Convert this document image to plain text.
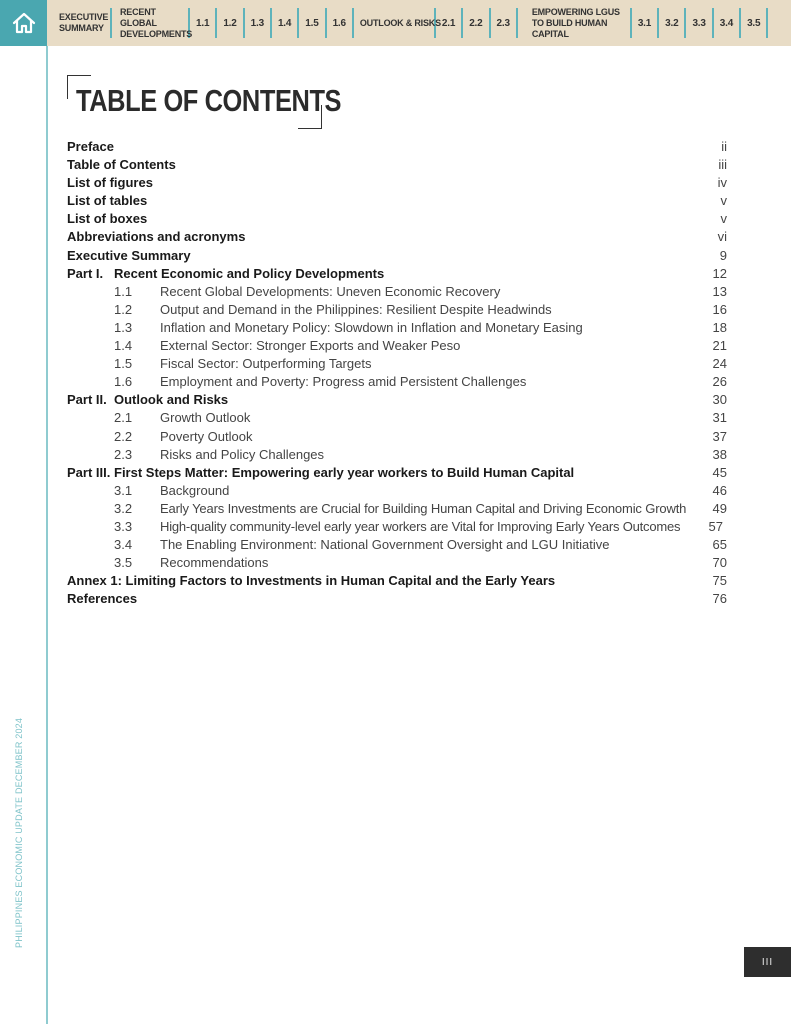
EXECUTIVE SUMMARY
RECENT GLOBAL DEVELOPMENTS
1.1	1.2	1.3	1.4	1.5	1.6	OUTLOOK & RISKS 2.1	2.2	2.3
EMPOWERING LGUS TO BUILD HUMAN CAPITAL
3.1	3.2	3.3	3.4	3.5
PHILIPPINES ECONOMIC UPDATE DECEMBER 2024
TABLE OF CONTENTS
Preface	ii
Table of Contents	iii
List of figures	iv
List of tables	v
List of boxes	v
Abbreviations and acronyms	vi
Executive Summary	9
Part I. Recent Economic and Policy Developments	12
1.1 Recent Global Developments: Uneven Economic Recovery	13
1.2 Output and Demand in the Philippines: Resilient Despite Headwinds	16
1.3 Inflation and Monetary Policy: Slowdown in Inflation and Monetary Easing	18
1.4 External Sector: Stronger Exports and Weaker Peso	21
1.5 Fiscal Sector: Outperforming Targets	24
1.6 Employment and Poverty: Progress amid Persistent Challenges	26
Part II. Outlook and Risks	30
2.1 Growth Outlook	31
2.2 Poverty Outlook	37
2.3 Risks and Policy Challenges	38
Part III. First Steps Matter: Empowering early year workers to Build Human Capital	45
3.1 Background	46
3.2 Early Years Investments are Crucial for Building Human Capital and Driving Economic Growth 49
3.3 High-quality community-level early year workers are Vital for Improving Early Years Outcomes 57
3.4 The Enabling Environment: National Government Oversight and LGU Initiative	65
3.5 Recommendations	70
Annex 1: Limiting Factors to Investments in Human Capital and the Early Years	75
References	76
III
